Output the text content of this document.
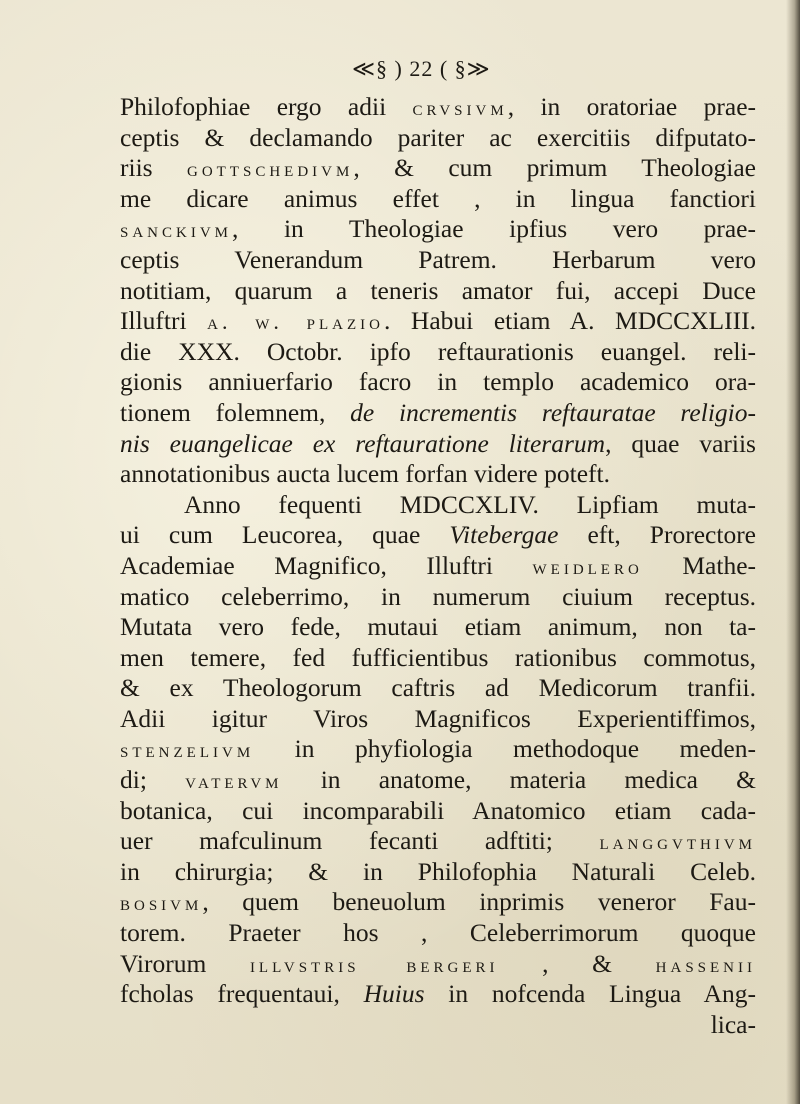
≪§ ) 22 ( §≫
Philofophiae ergo adii crvsivm, in oratoriae prae-
ceptis & declamando pariter ac exercitiis difputato-
riis gottschedivm, & cum primum Theologiae
me dicare animus effet , in lingua fanctiori
sanckivm, in Theologiae ipfius vero prae-
ceptis Venerandum Patrem. Herbarum vero
notitiam, quarum a teneris amator fui, accepi Duce
Illuftri a. w. plazio. Habui etiam A. MDCCXLIII.
die XXX. Octobr. ipfo reftaurationis euangel. reli-
gionis anniuerfario facro in templo academico ora-
tionem folemnem, de incrementis reftauratae religio-
nis euangelicae ex reftauratione literarum, quae variis
annotationibus aucta lucem forfan videre poteft.
Anno fequenti MDCCXLIV. Lipfiam muta-
ui cum Leucorea, quae Vitebergae eft, Prorectore
Academiae Magnifico, Illuftri weidlero Mathe-
matico celeberrimo, in numerum ciuium receptus.
Mutata vero fede, mutaui etiam animum, non ta-
men temere, fed fufficientibus rationibus commotus,
& ex Theologorum caftris ad Medicorum tranfii.
Adii igitur Viros Magnificos Experientiffimos,
stenzelivm in phyfiologia methodoque meden-
di; vatervm in anatome, materia medica &
botanica, cui incomparabili Anatomico etiam cada-
uer mafculinum fecanti adftiti; langgvthivm
in chirurgia; & in Philofophia Naturali Celeb.
bosivm, quem beneuolum inprimis veneror Fau-
torem. Praeter hos , Celeberrimorum quoque
Virorum illvstris bergeri , & hassenii
fcholas frequentaui, Huius in nofcenda Lingua Ang-
lica-
